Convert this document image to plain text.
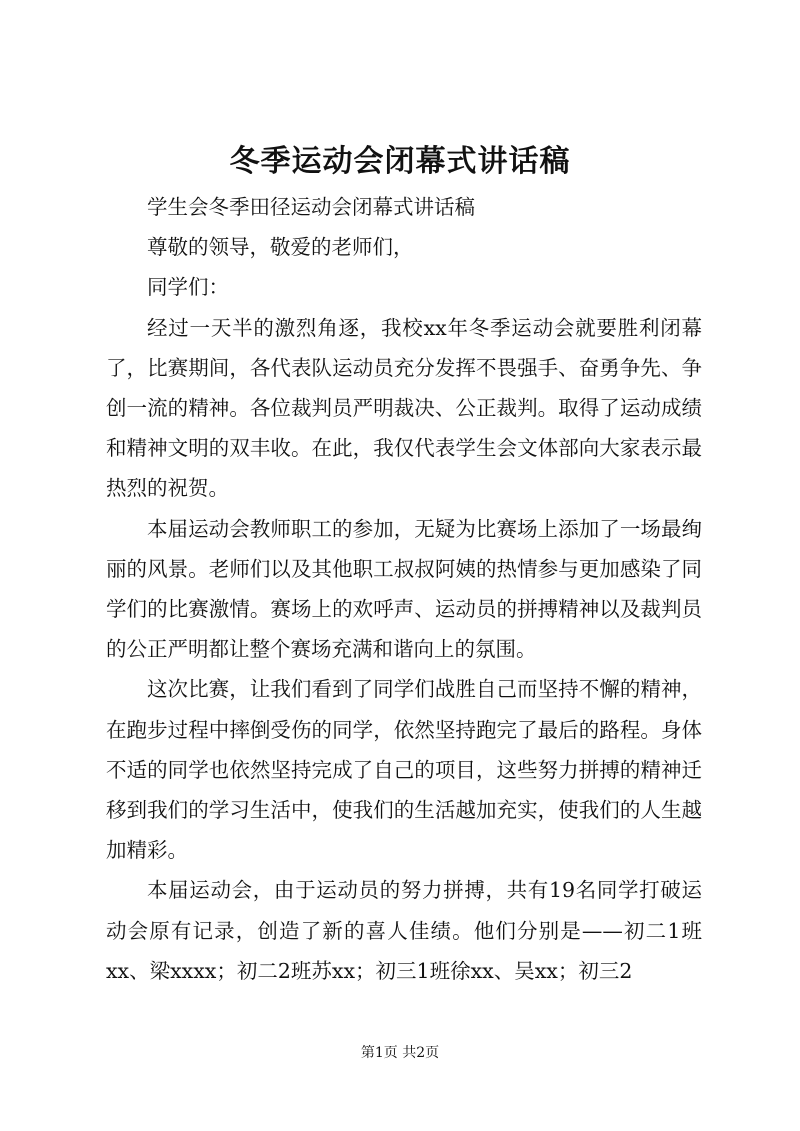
冬季运动会闭幕式讲话稿

学生会冬季田径运动会闭幕式讲话稿

尊敬的领导，敬爱的老师们，

同学们：

经过一天半的激烈角逐，我校xx年冬季运动会就要胜利闭幕了，比赛期间，各代表队运动员充分发挥不畏强手、奋勇争先、争创一流的精神。各位裁判员严明裁决、公正裁判。取得了运动成绩和精神文明的双丰收。在此，我仅代表学生会文体部向大家表示最热烈的祝贺。

本届运动会教师职工的参加，无疑为比赛场上添加了一场最绚丽的风景。老师们以及其他职工叔叔阿姨的热情参与更加感染了同学们的比赛激情。赛场上的欢呼声、运动员的拼搏精神以及裁判员的公正严明都让整个赛场充满和谐向上的氛围。

这次比赛，让我们看到了同学们战胜自己而坚持不懈的精神，在跑步过程中摔倒受伤的同学，依然坚持跑完了最后的路程。身体不适的同学也依然坚持完成了自己的项目，这些努力拼搏的精神迁移到我们的学习生活中，使我们的生活越加充实，使我们的人生越加精彩。

本届运动会，由于运动员的努力拼搏，共有19名同学打破运动会原有记录，创造了新的喜人佳绩。他们分别是——初二1班xx、梁xxxx；初二2班苏xx；初三1班徐xx、吴xx；初三2

第1页 共2页
